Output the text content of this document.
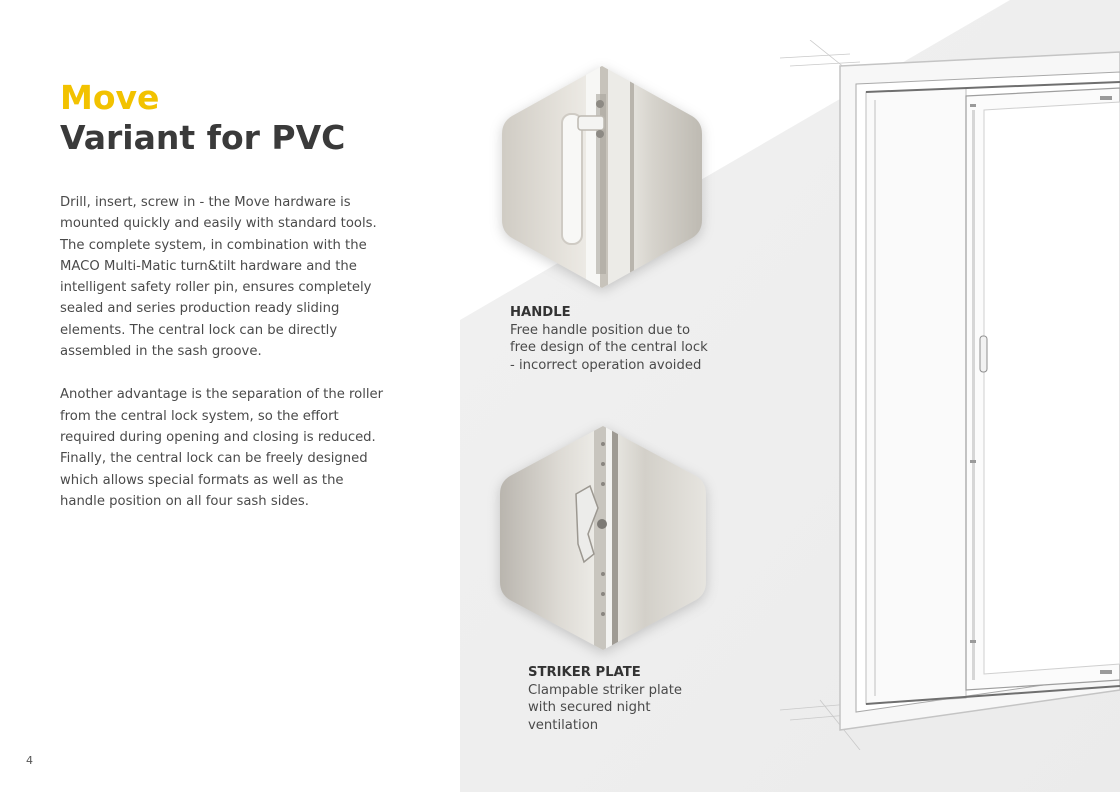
Move
Variant for PVC

Drill, insert, screw in - the Move hardware is mounted quickly and easily with standard tools. The complete system, in combination with the MACO Multi-Matic turn&tilt hardware and the intelligent safety roller pin, ensures completely sealed and series production ready sliding elements. The central lock can be directly assembled in the sash groove.

Another advantage is the separation of the roller from the central lock system, so the effort required during opening and closing is reduced. Finally, the central lock can be freely designed which allows special formats as well as the handle position on all four sash sides.

HANDLE
Free handle position due to
free design of the central lock
- incorrect operation avoided
STRIKER PLATE
Clampable striker plate
with secured night
ventilation
4
